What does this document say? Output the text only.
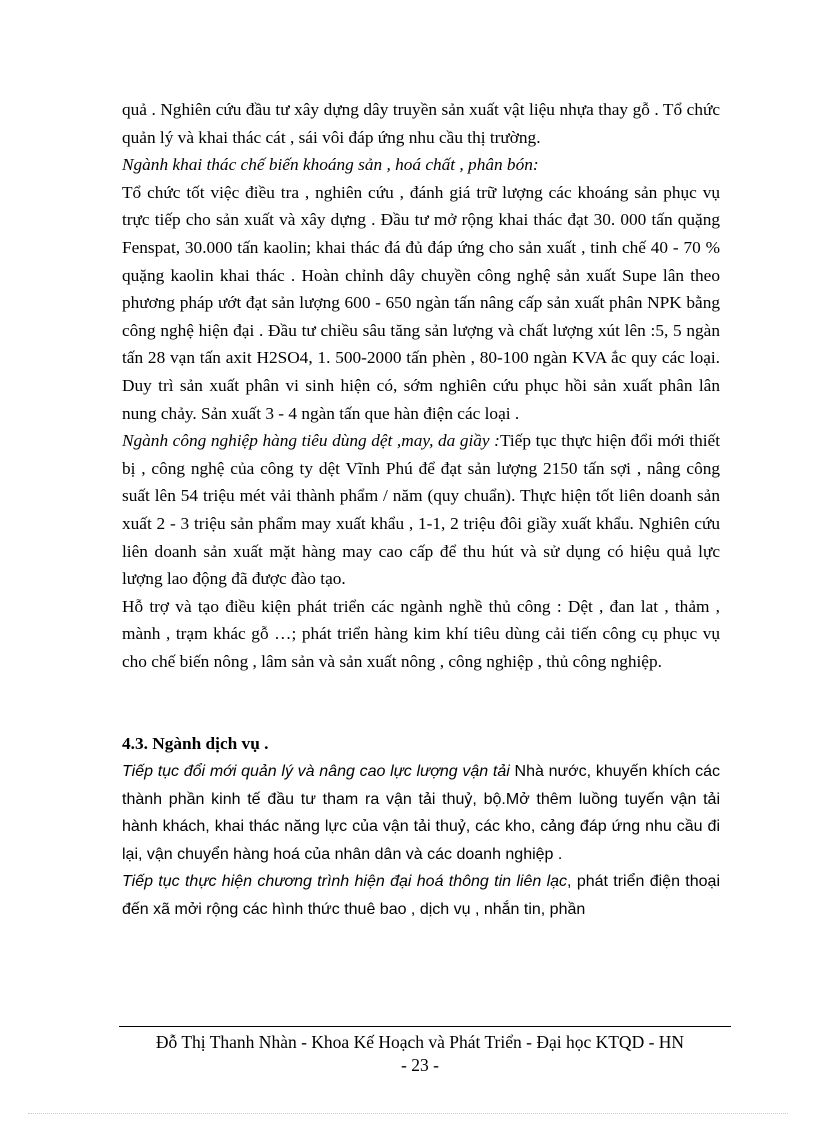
quả . Nghiên cứu đầu tư xây dựng dây truyền sản xuất vật liệu nhựa thay gỗ . Tổ chức quản lý và khai thác cát , sái vôi đáp ứng nhu cầu thị trường.

Ngành khai thác chế biến khoáng sản , hoá chất , phân bón:

Tổ chức tốt việc điều tra , nghiên cứu , đánh giá trữ lượng các khoáng sản phục vụ trực tiếp cho sản xuất và xây dựng . Đầu tư mở rộng khai thác đạt 30. 000 tấn quặng Fenspat, 30.000 tấn kaolin; khai thác đá đủ đáp ứng cho sản xuất , tinh chế 40 - 70 % quặng kaolin khai thác . Hoàn chỉnh dây chuyền công nghệ sản xuất Supe lân theo phương pháp ướt đạt sản lượng 600 - 650 ngàn tấn nâng cấp sản xuất phân NPK bằng công nghệ hiện đại . Đầu tư chiều sâu tăng sản lượng và chất lượng xút lên :5, 5 ngàn tấn 28 vạn tấn axit H2SO4, 1. 500-2000 tấn phèn , 80-100 ngàn KVA ắc quy các loại. Duy trì sản xuất phân vi sinh hiện có, sớm nghiên cứu phục hồi sản xuất phân lân nung chảy. Sản xuất 3 - 4 ngàn tấn que hàn điện các loại .

Ngành công nghiệp hàng tiêu dùng dệt ,may, da giầy :Tiếp tục thực hiện đổi mới thiết bị , công nghệ của công ty dệt Vĩnh Phú để đạt sản lượng 2150 tấn sợi , nâng công suất lên 54 triệu mét vải thành phẩm / năm (quy chuẩn). Thực hiện tốt liên doanh sản xuất 2 - 3 triệu sản phẩm may xuất khẩu , 1-1, 2 triệu đôi giầy xuất khẩu. Nghiên cứu liên doanh sản xuất mặt hàng may cao cấp để thu hút và sử dụng có hiệu quả lực lượng lao động đã được đào tạo.

Hỗ trợ và tạo điều kiện phát triển các ngành nghề thủ công : Dệt , đan lat , thảm , mành , trạm khác gỗ …; phát triển hàng kim khí tiêu dùng cải tiến công cụ phục vụ cho chế biến nông , lâm sản và sản xuất nông , công nghiệp , thủ công nghiệp.

4.3. Ngành dịch vụ .

Tiếp tục đổi mới quản lý và nâng cao lực lượng vận tải Nhà nước, khuyến khích các thành phần kinh tế đầu tư tham ra vận tải thuỷ, bộ.Mở thêm luồng tuyến vận tải hành khách, khai thác năng lực của vận tải thuỷ, các kho, cảng đáp ứng nhu cầu đi lại, vận chuyển hàng hoá của nhân dân và các doanh nghiệp .

Tiếp tục thực hiện chương trình hiện đại hoá thông tin liên lạc, phát triển điện thoại đến xã mởi rộng các hình thức thuê bao , dịch vụ , nhắn tin, phần

Đỗ Thị Thanh Nhàn - Khoa Kế Hoạch và Phát Triển - Đại học KTQD - HN
- 23 -
